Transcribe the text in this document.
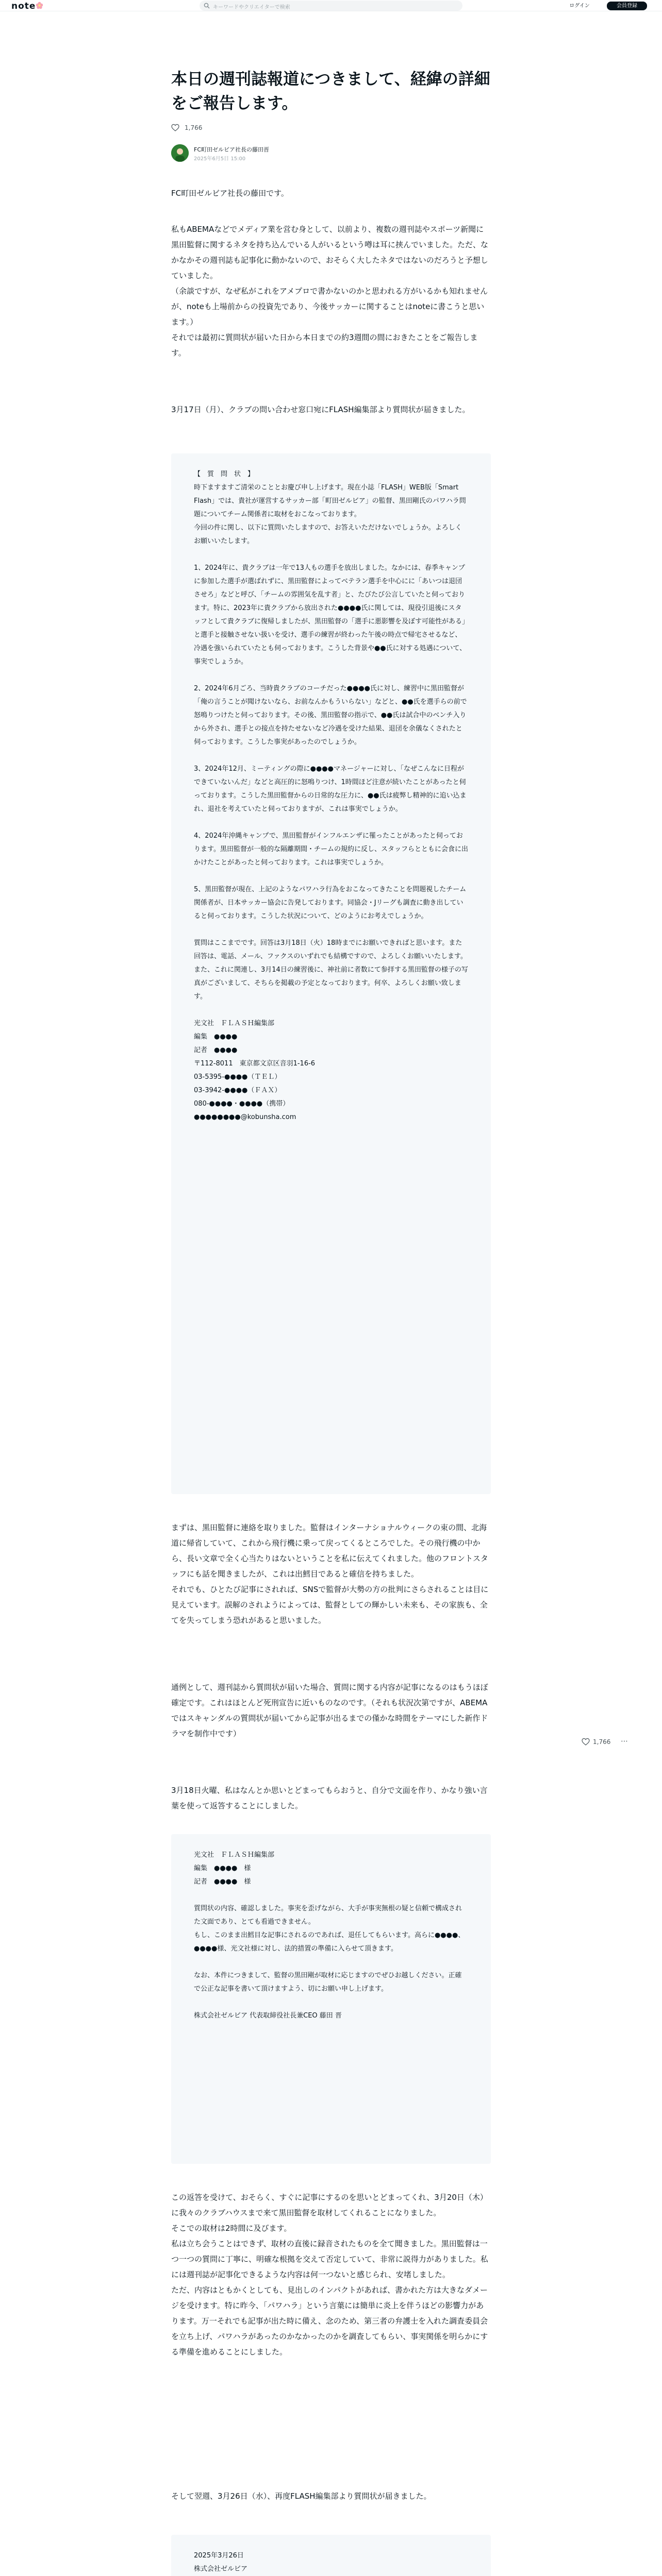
note	キーワードやクリエイターで検索	ログイン	会員登録
本日の週刊誌報道につきまして、経緯の詳細をご報告します。
1,766
FC町田ゼルビア社長の藤田晋
2025年6月5日 15:00

FC町田ゼルビア社長の藤田です。

私もABEMAなどでメディア業を営む身として、以前より、複数の週刊誌やスポーツ新聞に黒田監督に関するネタを持ち込んでいる人がいるという噂は耳に挟んでいました。ただ、なかなかその週刊誌も記事化に動かないので、おそらく大したネタではないのだろうと予想していました。
（余談ですが、なぜ私がこれをアメプロで書かないのかと思われる方がいるかも知れませんが、noteも上場前からの投資先であり、今後サッカーに関することはnoteに書こうと思います。）
それでは最初に質問状が届いた日から本日までの約3週間の間におきたことをご報告します。

3月17日（月）、クラブの問い合わせ窓口宛にFLASH編集部より質問状が届きました。

【　質　問　状　】
時下ますますご清栄のこととお慶び申し上げます。現在小誌「FLASH」WEB版「Smart Flash」では、貴社が運営するサッカー部「町田ゼルビア」の監督、黒田剛氏のパワハラ問題についてチーム関係者に取材をおこなっております。
今回の件に関し、以下に質問いたしますので、お答えいただけないでしょうか。よろしくお願いいたします。

1、2024年に、貴クラブは一年で13人もの選手を放出しました。なかには、春季キャンプに参加した選手が選ばれずに、黒田監督によってベテラン選手を中心にに「あいつは退団させろ」などと呼び、「チームの雰囲気を乱す者」と、たびたび公言していたと伺っております。特に、2023年に貴クラブから放出された●●●●氏に関しては、現役引退後にスタッフとして貴クラブに復帰しましたが、黒田監督の「選手に悪影響を及ぼす可能性がある」と選手と接触させない扱いを受け、選手の練習が終わった午後の時点で帰宅させるなど、冷遇を強いられていたとも伺っております。こうした背景や●●氏に対する処遇について、事実でしょうか。

2、2024年6月ごろ、当時貴クラブのコーチだった●●●●氏に対し、練習中に黒田監督が「俺の言うことが聞けないなら、お前なんかもういらない」などと、●●氏を選手らの前で怒鳴りつけたと伺っております。その後、黒田監督の指示で、●●氏は試合中のベンチ入りから外され、選手との接点を持たせないなど冷遇を受けた結果、退団を余儀なくされたと伺っております。こうした事実があったのでしょうか。

3、2024年12月、ミーティングの際に●●●●マネージャーに対し、「なぜこんなに日程ができていないんだ」などと高圧的に怒鳴りつけ、1時間ほど注意が続いたことがあったと伺っております。こうした黒田監督からの日常的な圧力に、●●氏は疲弊し精神的に追い込まれ、退社を考えていたと伺っておりますが、これは事実でしょうか。

4、2024年沖縄キャンプで、黒田監督がインフルエンザに罹ったことがあったと伺っております。黒田監督が一般的な隔離期間・チームの規約に反し、スタッフらとともに会食に出かけたことがあったと伺っております。これは事実でしょうか。

5、黒田監督が現在、上記のようなパワハラ行為をおこなってきたことを問題視したチーム関係者が、日本サッカー協会に告発しております。同協会・Jリーグも調査に動き出していると伺っております。こうした状況について、どのようにお考えでしょうか。

質問はここまでです。回答は3月18日（火）18時までにお願いできればと思います。また回答は、電話、メール、ファクスのいずれでも結構ですので、よろしくお願いいたします。また、これに関連し、3月14日の練習後に、神社前に者数にて参拝する黒田監督の様子の写真がございまして、そちらを掲載の予定となっております。何卒、よろしくお願い致します。

光文社　ＦＬＡＳＨ編集部
編集　●●●●
記者　●●●●
〒112-8011　東京都文京区音羽1-16-6
03-5395-●●●●（ＴＥＬ）
03-3942-●●●●（ＦＡＸ）
080-●●●●・●●●●（携帯）
●●●●●●●●@kobunsha.com

まずは、黒田監督に連絡を取りました。監督はインターナショナルウィークの束の間、北海道に帰省していて、これから飛行機に乗って戻ってくるところでした。その飛行機の中から、長い文章で全く心当たりはないということを私に伝えてくれました。他のフロントスタッフにも話を聞きましたが、これは出鱈目であると確信を持ちました。
それでも、ひとたび記事にされれば、SNSで監督が大勢の方の批判にさらされることは目に見えています。誤解のされようによっては、監督としての輝かしい未来も、その家族も、全てを失ってしまう恐れがあると思いました。

通例として、週刊誌から質問状が届いた場合、質問に関する内容が記事になるのはもうほぼ確定です。これはほとんど死刑宣告に近いものなのです。（それも状況次第ですが、ABEMAではスキャンダルの質問状が届いてから記事が出るまでの僅かな時間をテーマにした新作ドラマを制作中です）

3月18日火曜、私はなんとか思いとどまってもらおうと、自分で文面を作り、かなり強い言葉を使って返答することにしました。

光文社　ＦＬＡＳＨ編集部
編集　●●●●　様
記者　●●●●　様

質問状の内容、確認しました。事実を歪げながら、大手が事実無根の疑と信頼で構成された文面であり、とても看過できません。
もし、このまま出鱈目な記事にされるのであれば、退任してもらいます。高らに●●●●、●●●●様、光文社様に対し、法的措置の準備に入らせて頂きます。

なお、本件につきまして、監督の黒田剛が取材に応じますのでぜひお越しください。正確で公正な記事を書いて頂けますよう、切にお願い申し上げます。

株式会社ゼルビア 代表取締役社長兼CEO 藤田 晋

この返答を受けて、おそらく、すぐに記事にするのを思いとどまってくれ、3月20日（木）に我々のクラブハウスまで来て黒田監督を取材してくれることになりました。
そこでの取材は2時間に及びます。
私は立ち会うことはできず、取材の直後に録音されたものを全て聞きました。黒田監督は一つ一つの質問に丁寧に、明確な根拠を交えて否定していて、非常に説得力がありました。私には週刊誌が記事化できるような内容は何一つないと感じられ、安堵しました。
ただ、内容はともかくとしても、見出しのインパクトがあれば、書かれた方は大きなダメージを受けます。特に昨今、「パワハラ」という言葉には簡単に炎上を伴うほどの影響力があります。万一それでも記事が出た時に備え、念のため、第三者の弁護士を入れた調査委員会を立ち上げ、パワハラがあったのかなかったのかを調査してもらい、事実関係を明らかにする準備を進めることにしました。

そして翌週、3月26日（水）、再度FLASH編集部より質問状が届きました。

2025年3月26日
株式会社ゼルビア

1,766 ⋯
